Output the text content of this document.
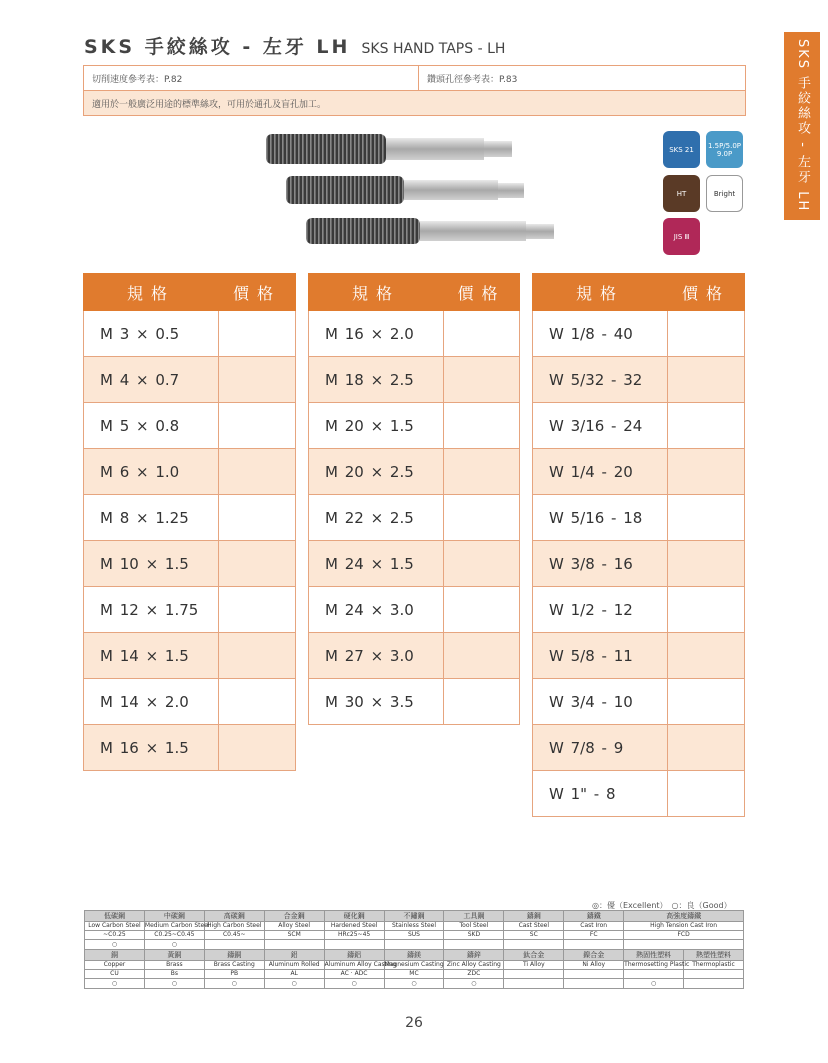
SKS 手絞絲攻 - 左牙 LH SKS HAND TAPS - LH	SKS 手絞絲攻 - 左牙 LH
切削速度參考表：P.82	鑽頭孔徑參考表：P.83
適用於一般廣泛用途的標準絲攻，可用於通孔及盲孔加工。
SKS 21	1.5P/5.0P 9.0P
HT	Bright
JIS Ⅲ
規格	價格
M 3 × 0.5	
M 4 × 0.7	
M 5 × 0.8	
M 6 × 1.0	
M 8 × 1.25	
M 10 × 1.5	
M 12 × 1.75	
M 14 × 1.5	
M 14 × 2.0	
M 16 × 1.5	
規格	價格
M 16 × 2.0	
M 18 × 2.5	
M 20 × 1.5	
M 20 × 2.5	
M 22 × 2.5	
M 24 × 1.5	
M 24 × 3.0	
M 27 × 3.0	
M 30 × 3.5	
規格	價格
W 1/8 - 40	
W 5/32 - 32	
W 3/16 - 24	
W 1/4 - 20	
W 5/16 - 18	
W 3/8 - 16	
W 1/2 - 12	
W 5/8 - 11	
W 3/4 - 10	
W 7/8 - 9	
W 1" - 8	
◎：優（Excellent）　○：良（Good）
低碳鋼	中碳鋼	高碳鋼	合金鋼	硬化鋼	不鏽鋼	工具鋼	鑄鋼	鑄鐵	高強度鑄鐵	
Low Carbon Steel	Medium Carbon Steel	High Carbon Steel	Alloy Steel	Hardened Steel	Stainless Steel	Tool Steel	Cast Steel	Cast Iron	High Tension Cast Iron	
~C0.25	C0.25~C0.45	C0.45~	SCM	HRc25~45	SUS	SKD	SC	FC	FCD	
○	○									
銅	黃銅	鑄銅	鋁	鑄鋁	鑄鎂	鑄鋅	鈦合金	鎳合金	熱固性塑料	熱塑性塑料
Copper	Brass	Brass Casting	Aluminum Rolled	Aluminum Alloy Casting	Magnesium Casting	Zinc Alloy Casting	Ti Alloy	Ni Alloy	Thermosetting Plastic	Thermoplastic
CU	Bs	PB	AL	AC · ADC	MC	ZDC				
○	○	○	○	○	○	○			○	
26
